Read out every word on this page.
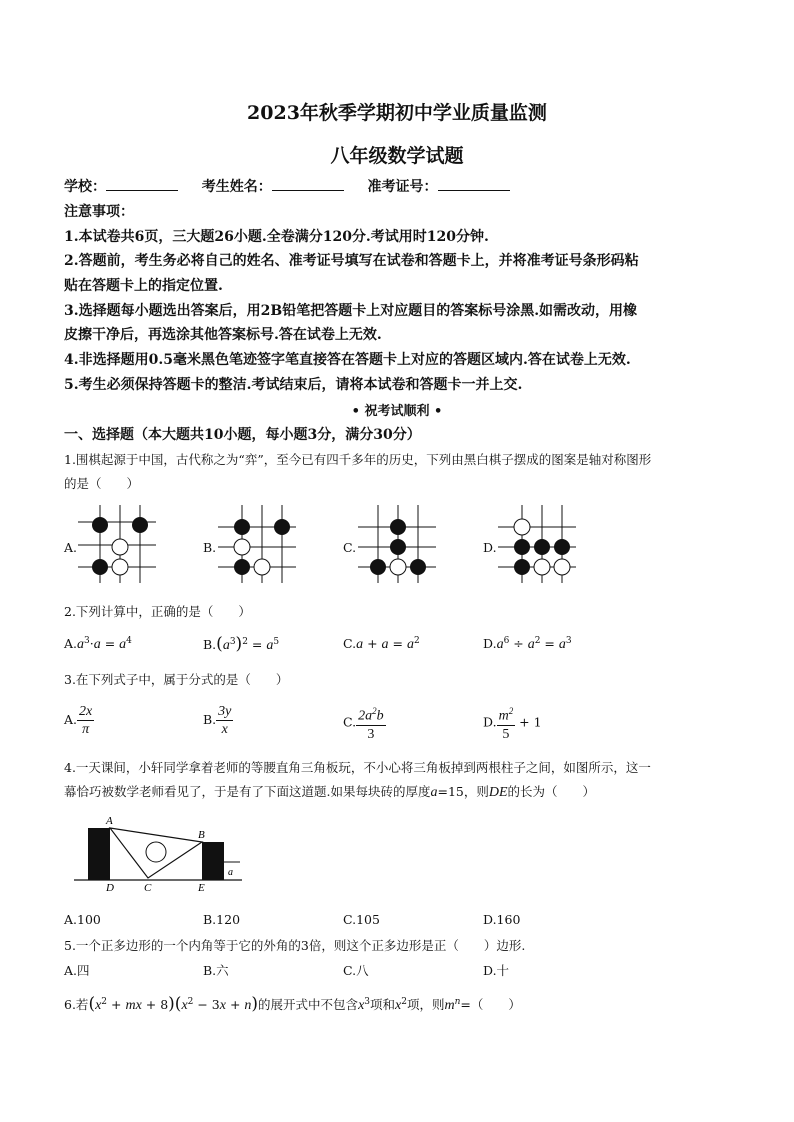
2023年秋季学期初中学业质量监测
八年级数学试题
学校：	考生姓名：	准考证号：
注意事项：
1.本试卷共6页，三大题26小题.全卷满分120分.考试用时120分钟.
2.答题前，考生务必将自己的姓名、准考证号填写在试卷和答题卡上，并将准考证号条形码粘
贴在答题卡上的指定位置.
3.选择题每小题选出答案后，用2B铅笔把答题卡上对应题目的答案标号涂黑.如需改动，用橡
皮擦干净后，再选涂其他答案标号.答在试卷上无效.
4.非选择题用0.5毫米黑色笔迹签字笔直接答在答题卡上对应的答题区域内.答在试卷上无效.
5.考生必须保持答题卡的整洁.考试结束后，请将本试卷和答题卡一并上交.
• 祝考试顺利 •
一、选择题（本大题共10小题，每小题3分，满分30分）
1.围棋起源于中国，古代称之为“弈”，至今已有四千多年的历史，下列由黑白棋子摆成的图案是轴对称图形
的是（　　）
A.	B.	C.	D.
2.下列计算中，正确的是（　　）
$A.a^3\cdot a = a^4$	$B.(a^3)^2 = a^5$	$C.a + a = a^2$	$D.a^6 \div a^2 = a^3$
3.在下列式子中，属于分式的是（　　）
A. $\frac{2x}{\pi}$	B. $\frac{3y}{x}$	C. $\frac{2a^2b}{3}$	D. $\frac{m^2}{5} + 1$
4.一天课间，小轩同学拿着老师的等腰直角三角板玩，不小心将三角板掉到两根柱子之间，如图所示，这一
幕恰巧被数学老师看见了，于是有了下面这道题.如果每块砖的厚度a=15，则DE的长为（　　）
A
B
C
D	E
a
A.100	B.120	C.105	D.160
5.一个正多边形的一个内角等于它的外角的3倍，则这个正多边形是正（　　）边形.
A.四	B.六	C.八	D.十
6.若($x^2$ + mx + $8)(x^2 - 3x + n)$的展开式中不包含$x^3$项和$x^2$项，则$m^n=$（　　）
